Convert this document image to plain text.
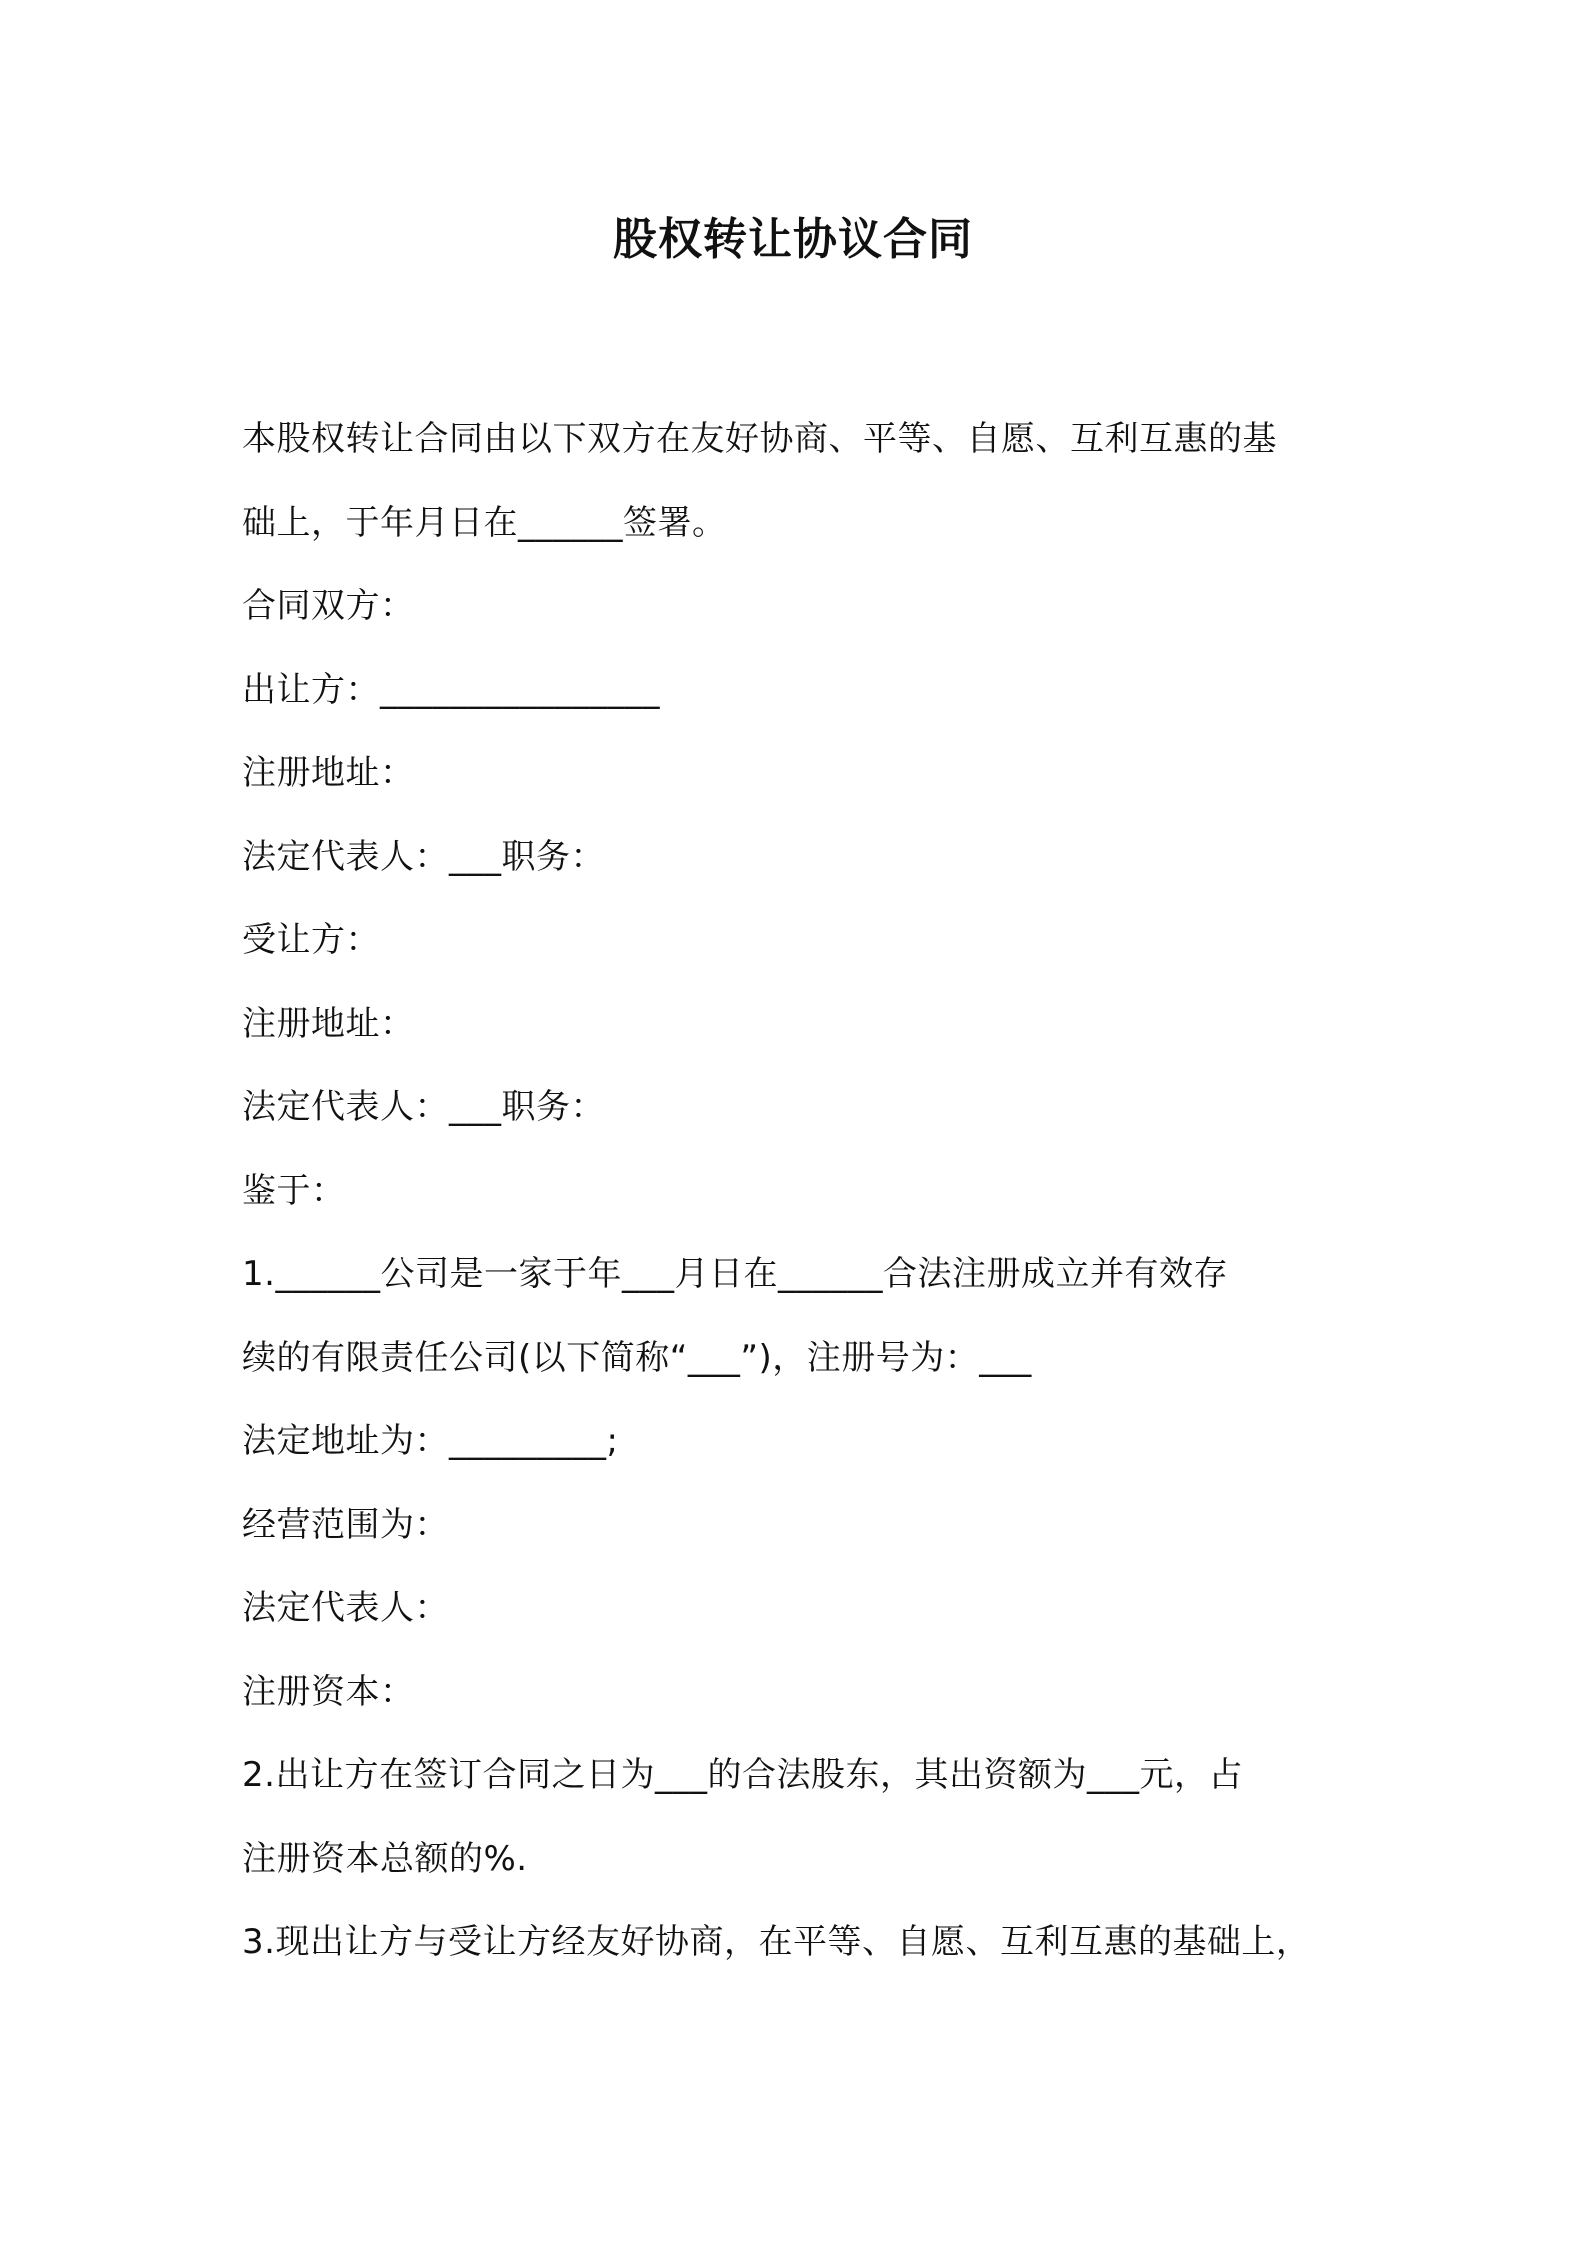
股权转让协议合同
本股权转让合同由以下双方在友好协商、平等、自愿、互利互惠的基
础上，于年月日在______签署。
合同双方：
出让方：________________
注册地址：
法定代表人：___职务：
受让方：
注册地址：
法定代表人：___职务：
鉴于：
1.______公司是一家于年___月日在______合法注册成立并有效存
续的有限责任公司(以下简称“___”)，注册号为：___
法定地址为：_________;
经营范围为：
法定代表人：
注册资本：
2.出让方在签订合同之日为___的合法股东，其出资额为___元，占
注册资本总额的%.
3.现出让方与受让方经友好协商，在平等、自愿、互利互惠的基础上，
